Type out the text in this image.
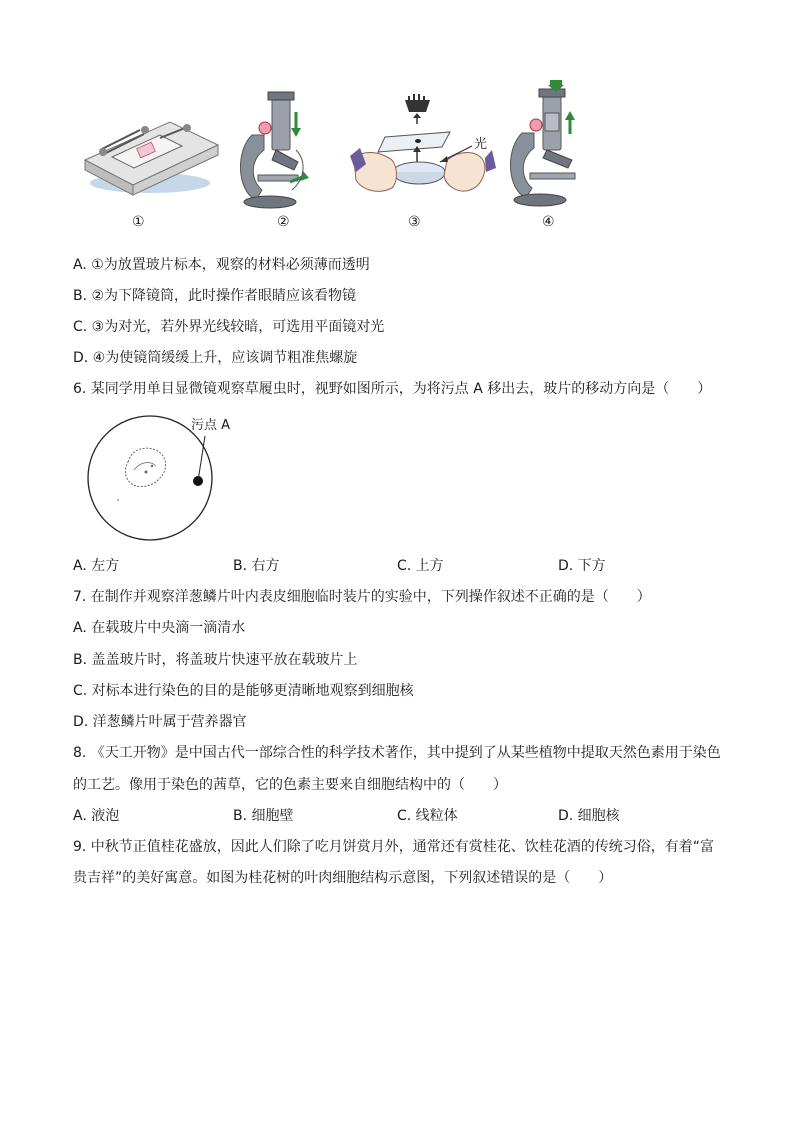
①	②	③	④
光
A. ①为放置玻片标本，观察的材料必须薄而透明
B. ②为下降镜筒，此时操作者眼睛应该看物镜
C. ③为对光，若外界光线较暗，可选用平面镜对光
D. ④为使镜筒缓缓上升，应该调节粗准焦螺旋
6. 某同学用单目显微镜观察草履虫时，视野如图所示，为将污点 A 移出去，玻片的移动方向是（　　）
污点 A
A. 左方	B. 右方	C. 上方	D. 下方
7. 在制作并观察洋葱鳞片叶内表皮细胞临时装片的实验中，下列操作叙述不正确的是（　　）
A. 在载玻片中央滴一滴清水
B. 盖盖玻片时，将盖玻片快速平放在载玻片上
C. 对标本进行染色的目的是能够更清晰地观察到细胞核
D. 洋葱鳞片叶属于营养器官
8. 《天工开物》是中国古代一部综合性的科学技术著作，其中提到了从某些植物中提取天然色素用于染色
的工艺。像用于染色的茜草，它的色素主要来自细胞结构中的（　　）
A. 液泡	B. 细胞壁	C. 线粒体	D. 细胞核
9. 中秋节正值桂花盛放，因此人们除了吃月饼赏月外，通常还有赏桂花、饮桂花酒的传统习俗，有着“富
贵吉祥”的美好寓意。如图为桂花树的叶肉细胞结构示意图，下列叙述错误的是（　　）
